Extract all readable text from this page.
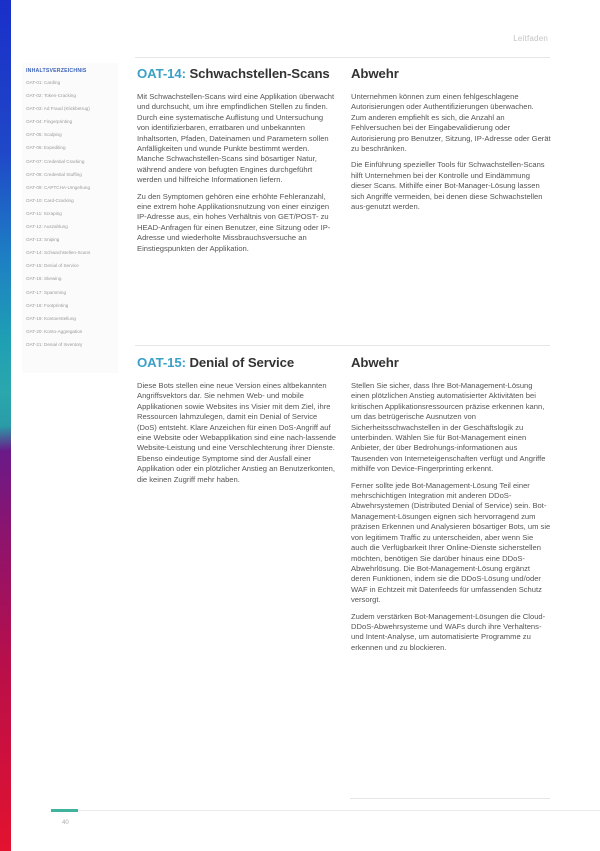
Leitfaden
INHALTSVERZEICHNIS
OAT-01: Carding
OAT-02: Token-Cracking
OAT-03: Ad Fraud (Klickbetrug)
OAT-04: Fingerprinting
OAT-05: Scalping
OAT-06: Expediting
OAT-07: Credential Cracking
OAT-08: Credential Stuffing
OAT-09: CAPTCHA-Umgehung
OAT-10: Card-Cracking
OAT-11: Scraping
OAT-12: Auszahlung
OAT-13: Sniping
OAT-14: Schwachstellen-Scans
OAT-15: Denial of Service
OAT-16: Skewing
OAT-17: Spamming
OAT-18: Footprinting
OAT-19: Kontoerstellung
OAT-20: Konto-Aggregation
OAT-21: Denial of Inventory
OAT-14: Schwachstellen-Scans

Mit Schwachstellen-Scans wird eine Applikation überwacht und durchsucht, um ihre empfindlichen Stellen zu finden. Durch eine systematische Auflistung und Untersuchung von identifizierbaren, erratbaren und unbekannten Inhaltsorten, Pfaden, Dateinamen und Parametern sollen Anfälligkeiten und wunde Punkte bestimmt werden. Manche Schwachstellen-Scans sind bösartiger Natur, während andere von befugten Engines durchgeführt werden und hilfreiche Informationen liefern.

Zu den Symptomen gehören eine erhöhte Fehleranzahl, eine extrem hohe Applikationsnutzung von einer einzigen IP-Adresse aus, ein hohes Verhältnis von GET/POST- zu HEAD-Anfragen für einen Benutzer, eine Sitzung oder IP-Adresse und wiederholte Missbrauchsversuche an Einstiegspunkten der Applikation.

Abwehr

Unternehmen können zum einen fehlgeschlagene Autorisierungen oder Authentifizierungen überwachen. Zum anderen empfiehlt es sich, die Anzahl an Fehlversuchen bei der Eingabevalidierung oder Autorisierung pro Benutzer, Sitzung, IP-Adresse oder Gerät zu beschränken.

Die Einführung spezieller Tools für Schwachstellen-Scans hilft Unternehmen bei der Kontrolle und Eindämmung dieser Scans. Mithilfe einer Bot-Manager-Lösung lassen sich Angriffe vermeiden, bei denen diese Schwachstellen aus-genutzt werden.

OAT-15: Denial of Service

Diese Bots stellen eine neue Version eines altbekannten Angriffsvektors dar. Sie nehmen Web- und mobile Applikationen sowie Websites ins Visier mit dem Ziel, ihre Ressourcen lahmzulegen, damit ein Denial of Service (DoS) entsteht. Klare Anzeichen für einen DoS-Angriff auf eine Website oder Webapplikation sind eine nach-lassende Website-Leistung und eine Verschlechterung ihrer Dienste. Ebenso eindeutige Symptome sind der Ausfall einer Applikation oder ein plötzlicher Anstieg an Benutzerkonten, die keinen Zugriff mehr haben.

Abwehr

Stellen Sie sicher, dass Ihre Bot-Management-Lösung einen plötzlichen Anstieg automatisierter Aktivitäten bei kritischen Applikationsressourcen präzise erkennen kann, um das betrügerische Ausnutzen von Sicherheitsschwachstellen in der Geschäftslogik zu unterbinden. Wählen Sie für Bot-Management einen Anbieter, der über Bedrohungs-informationen aus Tausenden von Interneteigenschaften verfügt und Angriffe mithilfe von Device-Fingerprinting erkennt.

Ferner sollte jede Bot-Management-Lösung Teil einer mehrschichtigen Integration mit anderen DDoS-Abwehrsystemen (Distributed Denial of Service) sein. Bot-Management-Lösungen eignen sich hervorragend zum präzisen Erkennen und Analysieren bösartiger Bots, um sie von legitimem Traffic zu unterscheiden, aber wenn Sie auch die Verfügbarkeit Ihrer Online-Dienste sicherstellen möchten, benötigen Sie darüber hinaus eine DDoS-Abwehrlösung. Die Bot-Management-Lösung ergänzt deren Funktionen, indem sie die DDoS-Lösung und/oder WAF in Echtzeit mit Datenfeeds für umfassenden Schutz versorgt.

Zudem verstärken Bot-Management-Lösungen die Cloud-DDoS-Abwehrsysteme und WAFs durch ihre Verhaltens- und Intent-Analyse, um automatisierte Programme zu erkennen und zu blockieren.

40
